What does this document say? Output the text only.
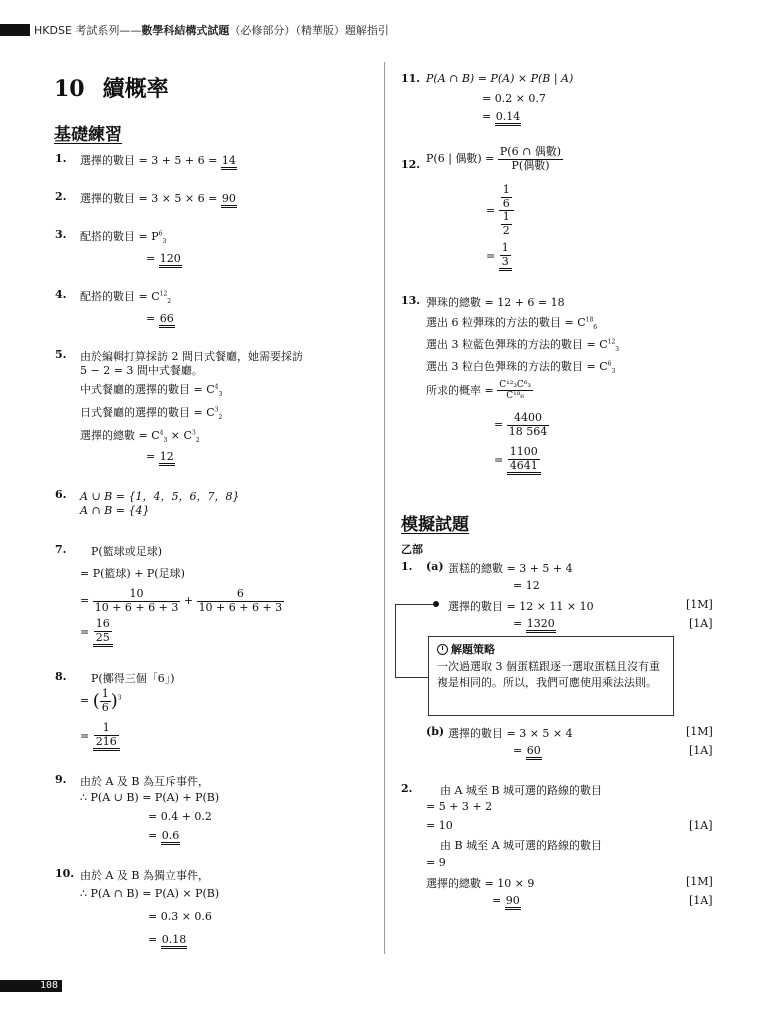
HKDSE 考試系列——數學科結構式試題（必修部分）（精華版）題解指引
10 續概率
基礎練習
1. 選擇的數目 = 3 + 5 + 6 = 14
2. 選擇的數目 = 3 × 5 × 6 = 90
3. 配搭的數目 = $P^6_3$
= 120
4. 配搭的數目 = $C^{12}_2$
= 66
5. 由於編輯打算採訪 2 間日式餐廳，她需要採訪
5 − 2 = 3 間中式餐廳。
中式餐廳的選擇的數目 = $C^4_3$
日式餐廳的選擇的數目 = $C^3_2$
選擇的總數 = $C^4_3 \times C^3_2$
= 12
6. A ∪ B = {1，4，5，6，7，8}
A ∩ B = {4}
7. P(籃球或足球)
= P(籃球) + P(足球)
= $\frac{10}{10 + 6 + 6 + 3} + \frac{6}{10 + 6 + 6 + 3}$
= $\frac{16}{25}$
8. P(擲得三個「6」)
= ( $\frac{1}{6} )^3$
= $\frac{1}{216}$
9. 由於 A 及 B 為互斥事件，
∴ P(A ∪ B) = P(A) + P(B)
= 0.4 + 0.2
= 0.6
10. 由於 A 及 B 為獨立事件，
∴ P(A ∩ B) = P(A) × P(B)
= 0.3 × 0.6
= 0.18
11. P(A ∩ B) = P(A) × P(B | A)
= 0.2 × 0.7
= 0.14
12. P(6 | 偶數) = $\frac{\text{P(6 ∩ 偶數)}}{\text{P(偶數)}}$
= $\frac{\frac{1}{6}}{\frac{1}{2}}$
= $\frac{1}{3}$
13. 彈珠的總數 = 12 + 6 = 18
選出 6 粒彈珠的方法的數目 = $C^{18}_6$
選出 3 粒藍色彈珠的方法的數目 = $C^{12}_3$
選出 3 粒白色彈珠的方法的數目 = $C^6_3$
所求的概率 = $\frac{\text{C¹²₃C⁶₃}}{\text{C¹⁸₆}}$
= $\frac{4400}{18 564}$
= $\frac{1100}{4641}$
模擬試題
乙部
1. (a) 蛋糕的總數 = 3 + 5 + 4
= 12
選擇的數目 = 12 × 11 × 10	[1M]
= 1320	[1A]
解題策略
一次過選取 3 個蛋糕跟逐一選取蛋糕且沒有重複是相同的。所以，我們可應使用乘法法則。
(b) 選擇的數目 = 3 × 5 × 4	[1M]
= 60	[1A]
2.	由 A 城至 B 城可選的路線的數目
= 5 + 3 + 2
= 10	[1A]
由 B 城至 A 城可選的路線的數目
= 9
選擇的總數 = 10 × 9	[1M]
= 90	[1A]
108
